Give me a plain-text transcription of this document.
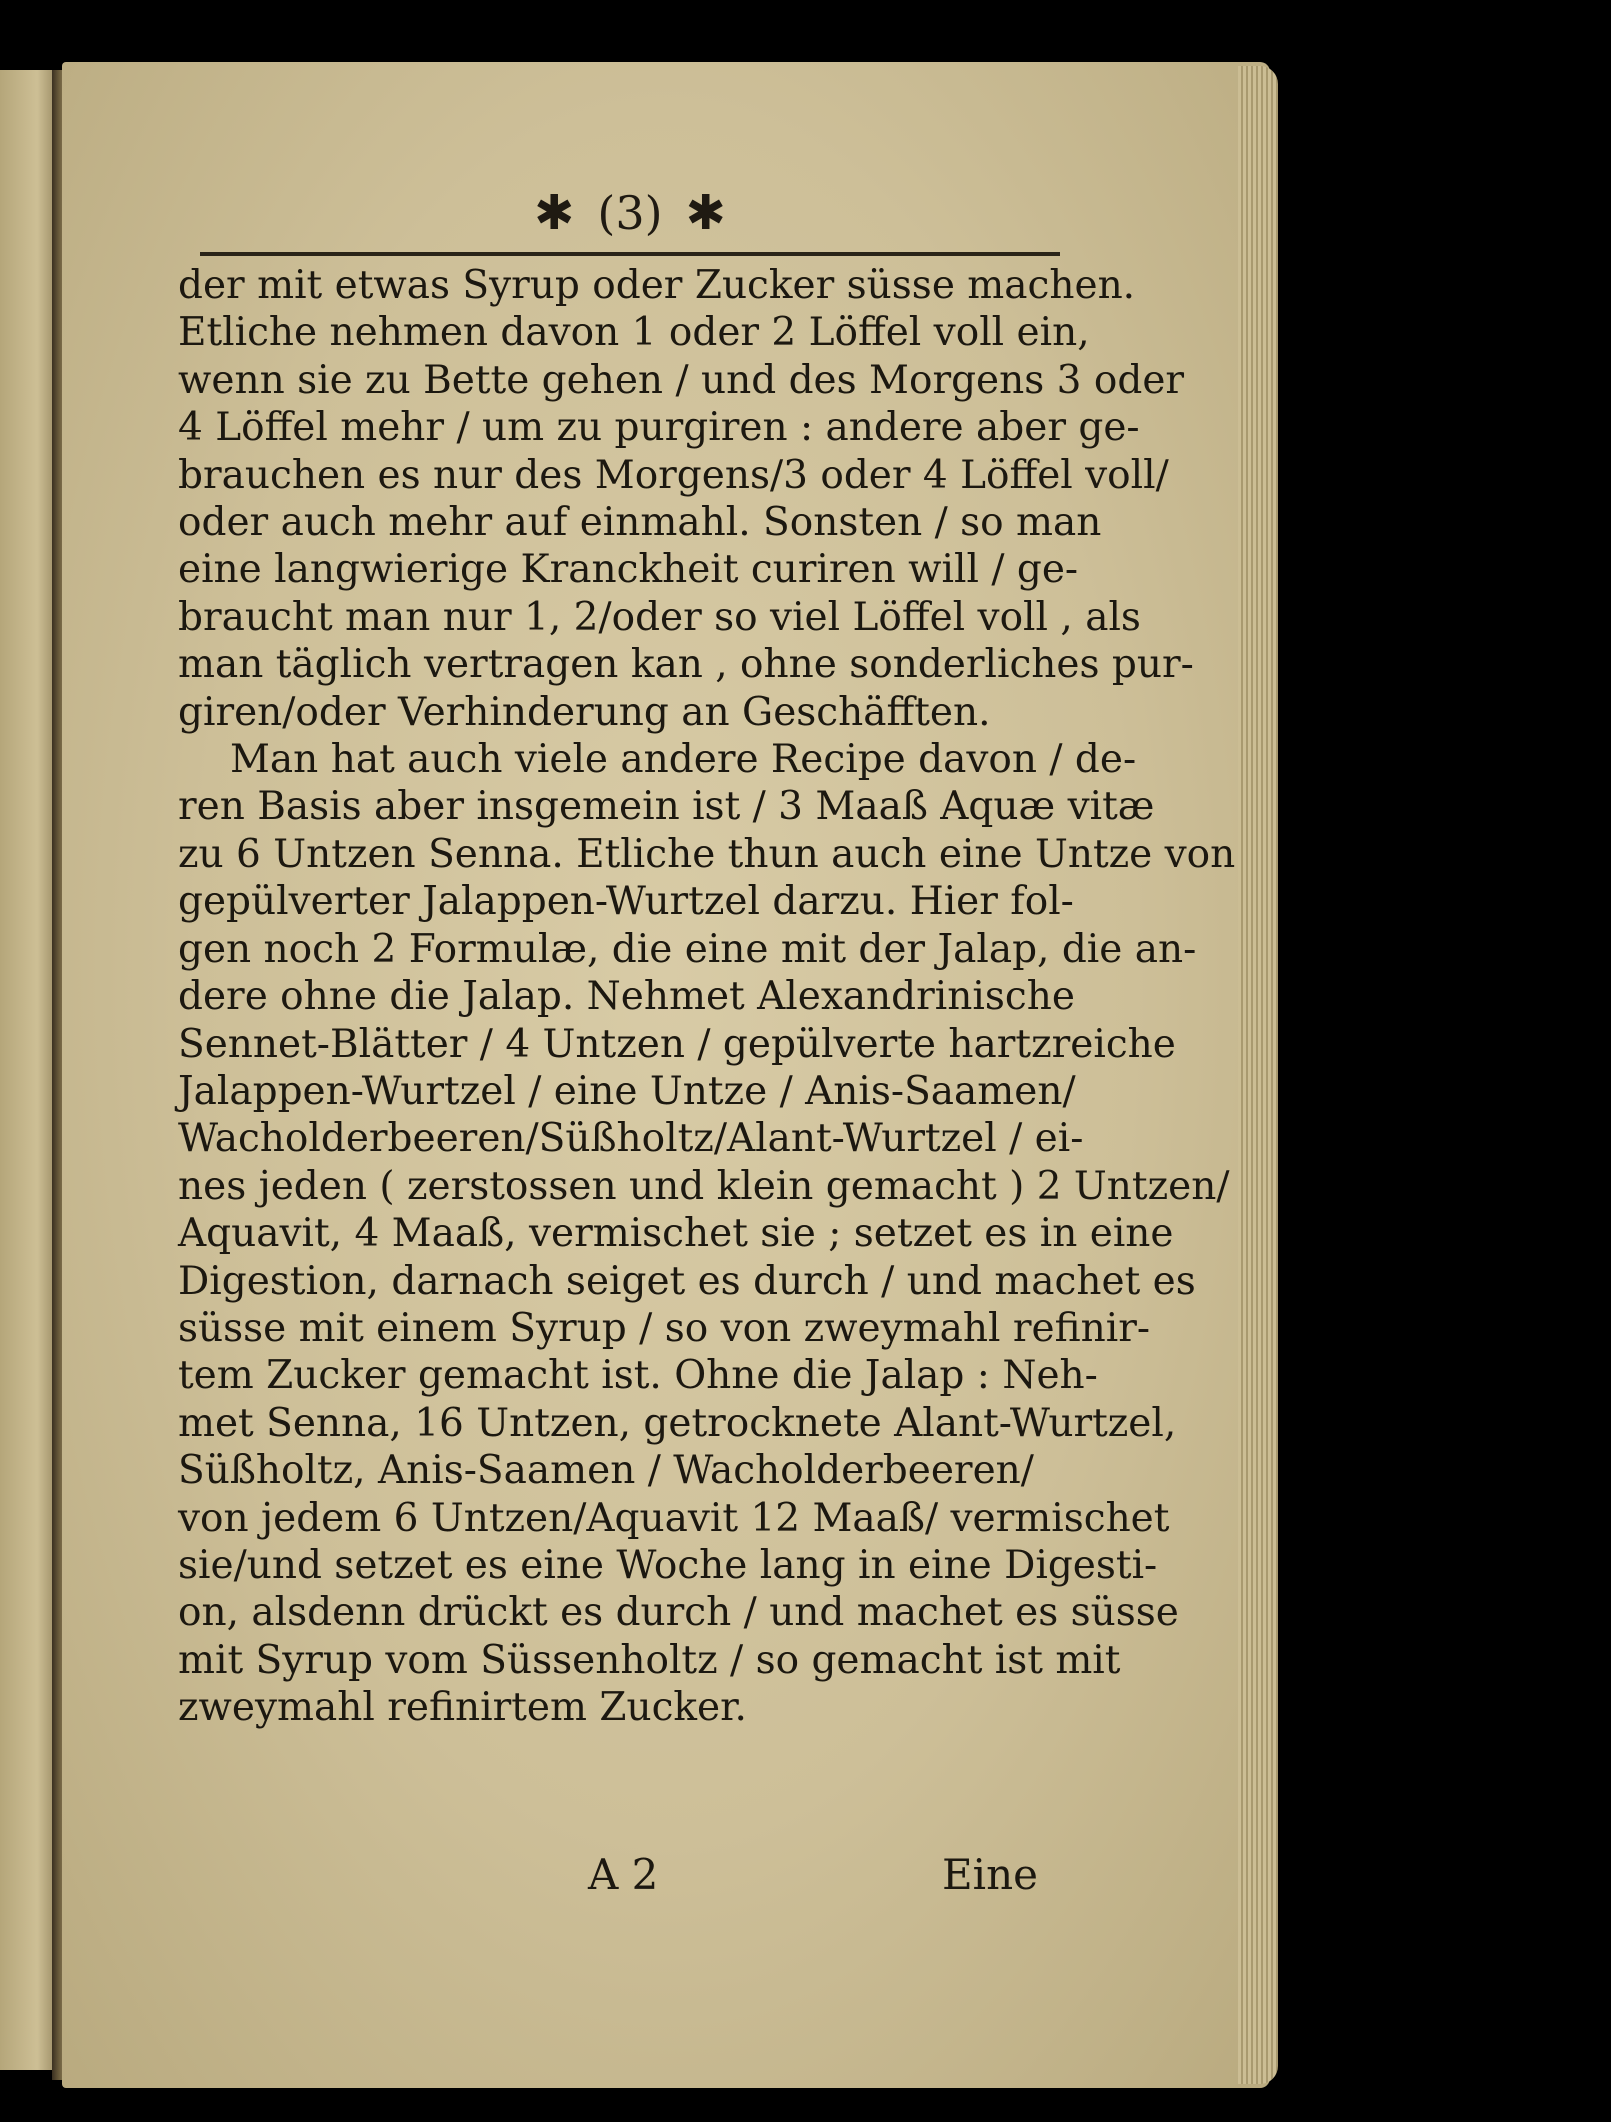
✱ (3) ✱
der mit etwas Syrup oder Zucker süsse machen.
Etliche nehmen davon 1 oder 2 Löffel voll ein,
wenn sie zu Bette gehen / und des Morgens 3 oder
4 Löffel mehr / um zu purgiren : andere aber ge-
brauchen es nur des Morgens/3 oder 4 Löffel voll/
oder auch mehr auf einmahl. Sonsten / so man
eine langwierige Kranckheit curiren will / ge-
braucht man nur 1, 2/oder so viel Löffel voll , als
man täglich vertragen kan , ohne sonderliches pur-
giren/oder Verhinderung an Geschäfften.
Man hat auch viele andere Recipe davon / de-
ren Basis aber insgemein ist / 3 Maaß Aquæ vitæ
zu 6 Untzen Senna. Etliche thun auch eine Untze von
gepülverter Jalappen-Wurtzel darzu. Hier fol-
gen noch 2 Formulæ, die eine mit der Jalap, die an-
dere ohne die Jalap. Nehmet Alexandrinische
Sennet-Blätter / 4 Untzen / gepülverte hartzreiche
Jalappen-Wurtzel / eine Untze / Anis-Saamen/
Wacholderbeeren/Süßholtz/Alant-Wurtzel / ei-
nes jeden ( zerstossen und klein gemacht ) 2 Untzen/
Aquavit, 4 Maaß, vermischet sie ; setzet es in eine
Digestion, darnach seiget es durch / und machet es
süsse mit einem Syrup / so von zweymahl refinir-
tem Zucker gemacht ist. Ohne die Jalap : Neh-
met Senna, 16 Untzen, getrocknete Alant-Wurtzel,
Süßholtz, Anis-Saamen / Wacholderbeeren/
von jedem 6 Untzen/Aquavit 12 Maaß/ vermischet
sie/und setzet es eine Woche lang in eine Digesti-
on, alsdenn drückt es durch / und machet es süsse
mit Syrup vom Süssenholtz / so gemacht ist mit
zweymahl refinirtem Zucker.
A 2	Eine
